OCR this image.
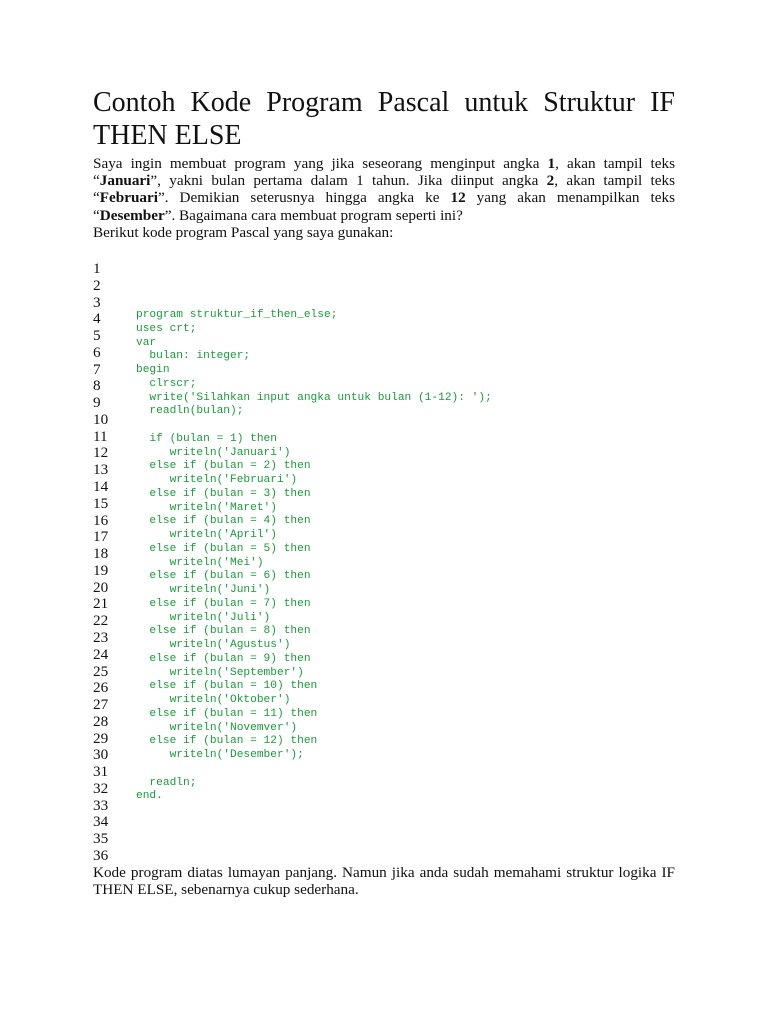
Contoh Kode Program Pascal untuk Struktur IF
THEN ELSE
Saya ingin membuat program yang jika seseorang menginput angka 1, akan tampil teks
“Januari”, yakni bulan pertama dalam 1 tahun. Jika diinput angka 2, akan tampil teks
“Februari”. Demikian seterusnya hingga angka ke 12 yang akan menampilkan teks
“Desember”. Bagaimana cara membuat program seperti ini?
Berikut kode program Pascal yang saya gunakan:
1
2
3
4
5
6
7
8
9
10
11
12
13
14
15
16
17
18
19
20
21
22
23
24
25
26
27
28
29
30
31
32
33
34
35
36
program struktur_if_then_else;
uses crt;
var
bulan: integer;
begin
clrscr;
write('Silahkan input angka untuk bulan (1-12): ');
readln(bulan);
if (bulan = 1) then
writeln('Januari')
else if (bulan = 2) then
writeln('Februari')
else if (bulan = 3) then
writeln('Maret')
else if (bulan = 4) then
writeln('April')
else if (bulan = 5) then
writeln('Mei')
else if (bulan = 6) then
writeln('Juni')
else if (bulan = 7) then
writeln('Juli')
else if (bulan = 8) then
writeln('Agustus')
else if (bulan = 9) then
writeln('September')
else if (bulan = 10) then
writeln('Oktober')
else if (bulan = 11) then
writeln('Novemver')
else if (bulan = 12) then
writeln('Desember');
readln;
end.
Kode program diatas lumayan panjang. Namun jika anda sudah memahami struktur logika IF
THEN ELSE, sebenarnya cukup sederhana.
